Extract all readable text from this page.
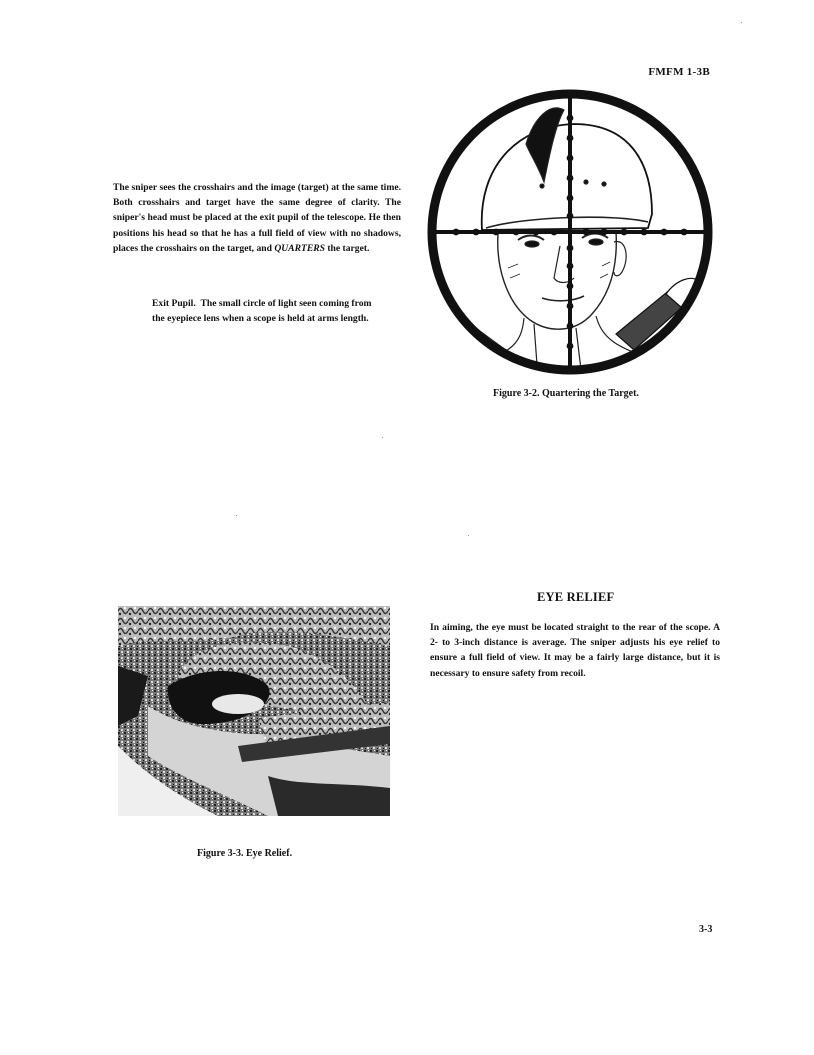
FMFM 1-3B
The sniper sees the crosshairs and the image (target) at the same time. Both crosshairs and target have the same degree of clarity. The sniper's head must be placed at the exit pupil of the telescope. He then positions his head so that he has a full field of view with no shadows, places the crosshairs on the target, and QUARTERS the target.
Exit Pupil. The small circle of light seen coming from the eyepiece lens when a scope is held at arms length.
Figure 3-2. Quartering the Target.
Figure 3-3. Eye Relief.
EYE RELIEF
In aiming, the eye must be located straight to the rear of the scope. A 2- to 3-inch distance is average. The sniper adjusts his eye relief to ensure a full field of view. It may be a fairly large distance, but it is necessary to ensure safety from recoil.
3-3
